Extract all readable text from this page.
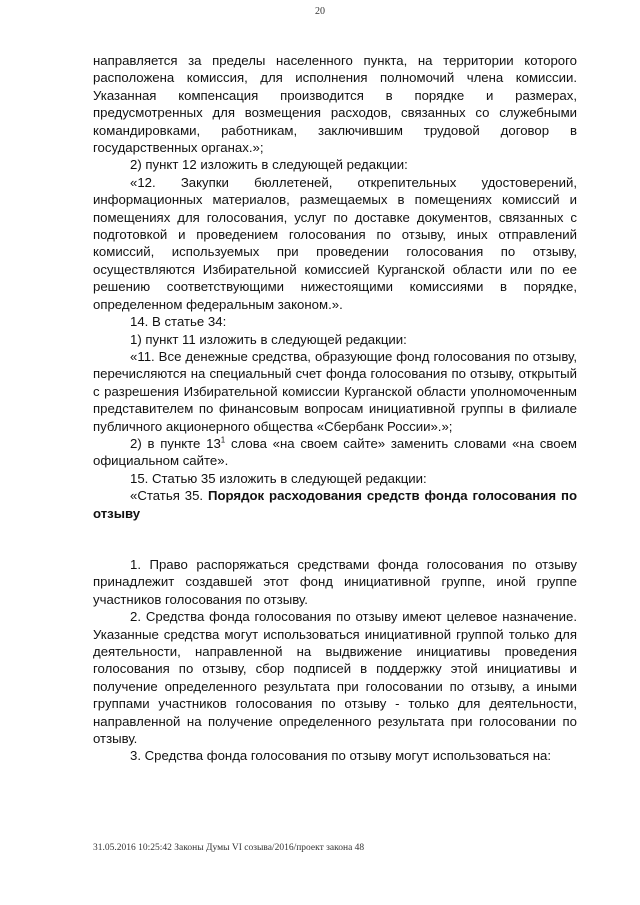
20

направляется за пределы населенного пункта, на территории которого расположена комиссия, для исполнения полномочий члена комиссии. Указанная компенсация производится в порядке и размерах, предусмотренных для возмещения расходов, связанных со служебными командировками, работникам, заключившим трудовой договор в государственных органах.»;

2) пункт 12 изложить в следующей редакции:

«12. Закупки бюллетеней, открепительных удостоверений, информационных материалов, размещаемых в помещениях комиссий и помещениях для голосования, услуг по доставке документов, связанных с подготовкой и проведением голосования по отзыву, иных отправлений комиссий, используемых при проведении голосования по отзыву, осуществляются Избирательной комиссией Курганской области или по ее решению соответствующими нижестоящими комиссиями в порядке, определенном федеральным законом.».

14. В статье 34:

1) пункт 11 изложить в следующей редакции:

«11. Все денежные средства, образующие фонд голосования по отзыву, перечисляются на специальный счет фонда голосования по отзыву, открытый с разрешения Избирательной комиссии Курганской области уполномоченным представителем по финансовым вопросам инициативной группы в филиале публичного акционерного общества «Сбербанк России».»;

2) в пункте $13^1$ слова «на своем сайте» заменить словами «на своем официальном сайте».

15. Статью 35 изложить в следующей редакции:

«Статья 35. Порядок расходования средств фонда голосования по отзыву

1. Право распоряжаться средствами фонда голосования по отзыву принадлежит создавшей этот фонд инициативной группе, иной группе участников голосования по отзыву.

2. Средства фонда голосования по отзыву имеют целевое назначение. Указанные средства могут использоваться инициативной группой только для деятельности, направленной на выдвижение инициативы проведения голосования по отзыву, сбор подписей в поддержку этой инициативы и получение определенного результата при голосовании по отзыву, а иными группами участников голосования по отзыву - только для деятельности, направленной на получение определенного результата при голосовании по отзыву.

3. Средства фонда голосования по отзыву могут использоваться на:

31.05.2016 10:25:42 Законы Думы VI созыва/2016/проект закона 48
